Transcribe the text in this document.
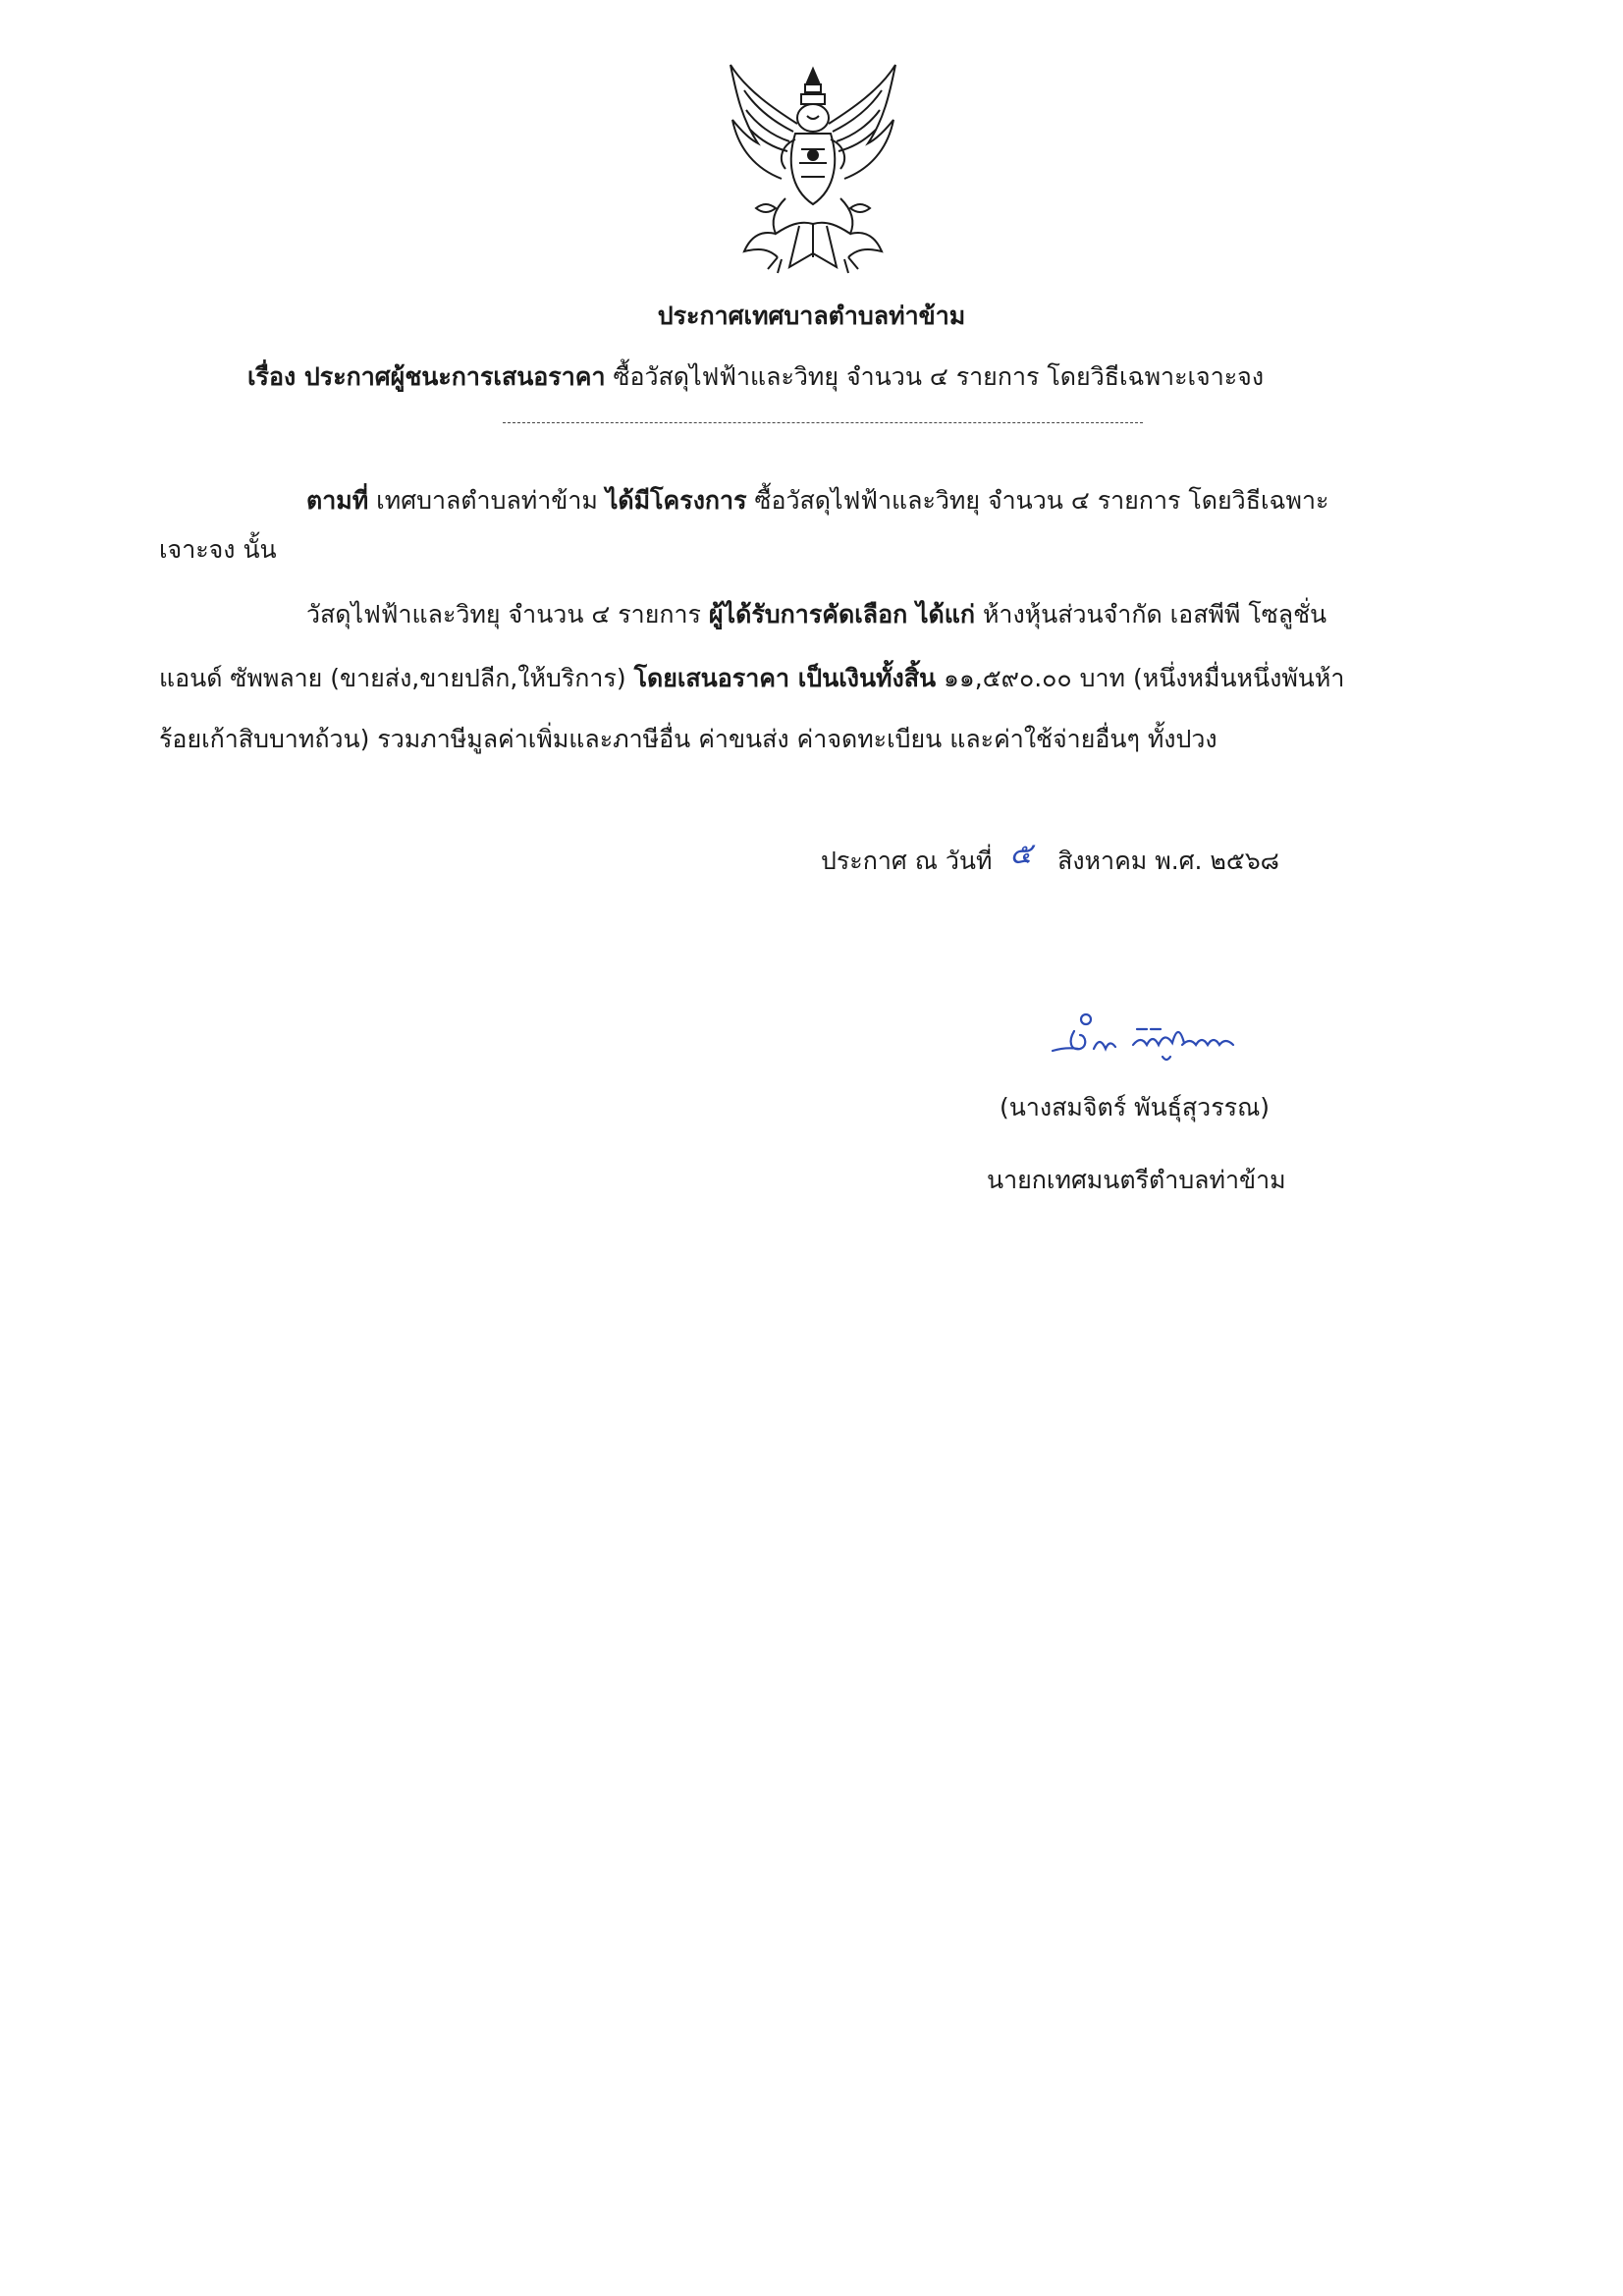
ประกาศเทศบาลตำบลท่าข้าม
เรื่อง ประกาศผู้ชนะการเสนอราคา ซื้อวัสดุไฟฟ้าและวิทยุ จำนวน ๔ รายการ โดยวิธีเฉพาะเจาะจง
ตามที่ เทศบาลตำบลท่าข้าม ได้มีโครงการ ซื้อวัสดุไฟฟ้าและวิทยุ จำนวน ๔ รายการ โดยวิธีเฉพาะ
เจาะจง นั้น
วัสดุไฟฟ้าและวิทยุ จำนวน ๔ รายการ ผู้ได้รับการคัดเลือก ได้แก่ ห้างหุ้นส่วนจำกัด เอสพีพี โซลูชั่น
แอนด์ ซัพพลาย (ขายส่ง,ขายปลีก,ให้บริการ) โดยเสนอราคา เป็นเงินทั้งสิ้น ๑๑,๕๙๐.๐๐ บาท (หนึ่งหมื่นหนึ่งพันห้า
ร้อยเก้าสิบบาทถ้วน) รวมภาษีมูลค่าเพิ่มและภาษีอื่น ค่าขนส่ง ค่าจดทะเบียน และค่าใช้จ่ายอื่นๆ ทั้งปวง
ประกาศ ณ วันที่ ๕ สิงหาคม พ.ศ. ๒๕๖๘
(นางสมจิตร์ พันธุ์สุวรรณ)
นายกเทศมนตรีตำบลท่าข้าม
